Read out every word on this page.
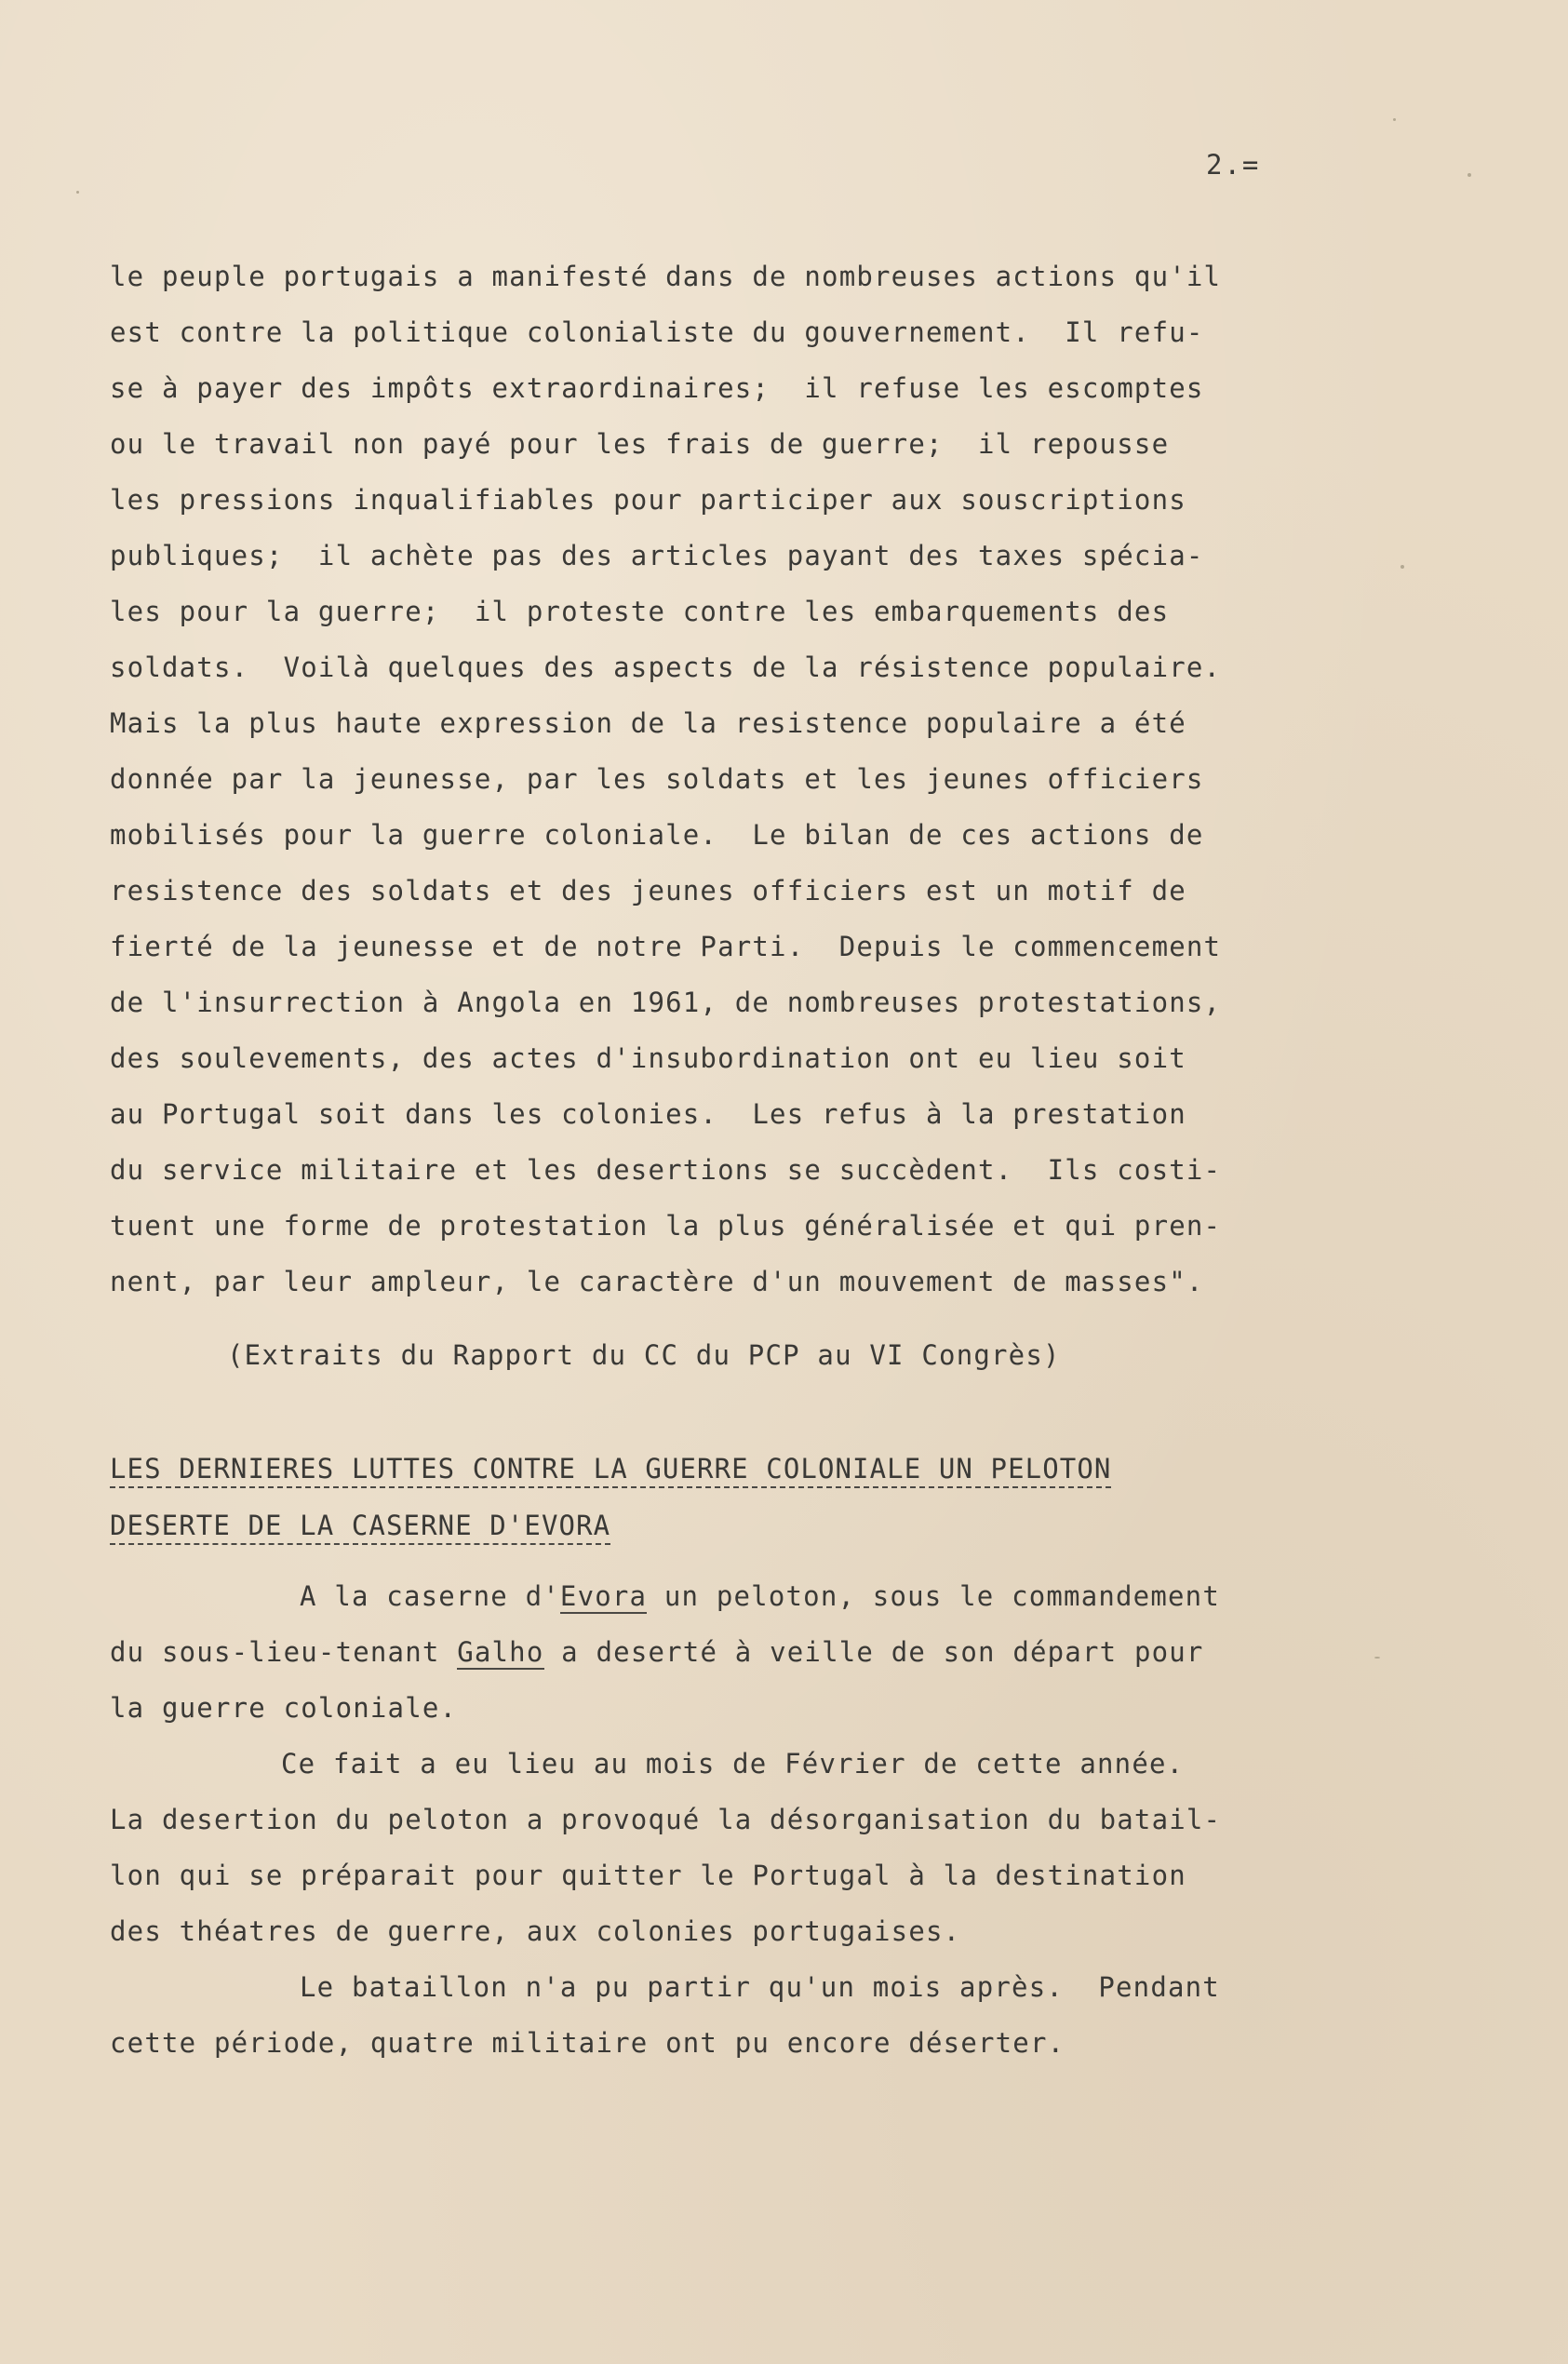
2.=
le peuple portugais a manifesté dans de nombreuses actions qu'il
est contre la politique colonialiste du gouvernement.  Il refu-
se à payer des impôts extraordinaires;  il refuse les escomptes
ou le travail non payé pour les frais de guerre;  il repousse
les pressions inqualifiables pour participer aux souscriptions
publiques;  il achète pas des articles payant des taxes spécia-
les pour la guerre;  il proteste contre les embarquements des
soldats.  Voilà quelques des aspects de la résistence populaire.
Mais la plus haute expression de la resistence populaire a été
donnée par la jeunesse, par les soldats et les jeunes officiers
mobilisés pour la guerre coloniale.  Le bilan de ces actions de
resistence des soldats et des jeunes officiers est un motif de
fierté de la jeunesse et de notre Parti.  Depuis le commencement
de l'insurrection à Angola en 1961, de nombreuses protestations,
des soulevements, des actes d'insubordination ont eu lieu soit
au Portugal soit dans les colonies.  Les refus à la prestation
du service militaire et les desertions se succèdent.  Ils costi-
tuent une forme de protestation la plus généralisée et qui pren-
nent, par leur ampleur, le caractère d'un mouvement de masses".
(Extraits du Rapport du CC du PCP au VI Congrès)
LES DERNIERES LUTTES CONTRE LA GUERRE COLONIALE UN PELOTON
DESERTE DE LA CASERNE D'EVORA
A la caserne d'Evora un peloton, sous le commandement
du sous-lieu-tenant Galho a deserté à veille de son départ pour
la guerre coloniale.
Ce fait a eu lieu au mois de Février de cette année.
La desertion du peloton a provoqué la désorganisation du batail-
lon qui se préparait pour quitter le Portugal à la destination
des théatres de guerre, aux colonies portugaises.
Le bataillon n'a pu partir qu'un mois après.  Pendant
cette période, quatre militaire ont pu encore déserter.
